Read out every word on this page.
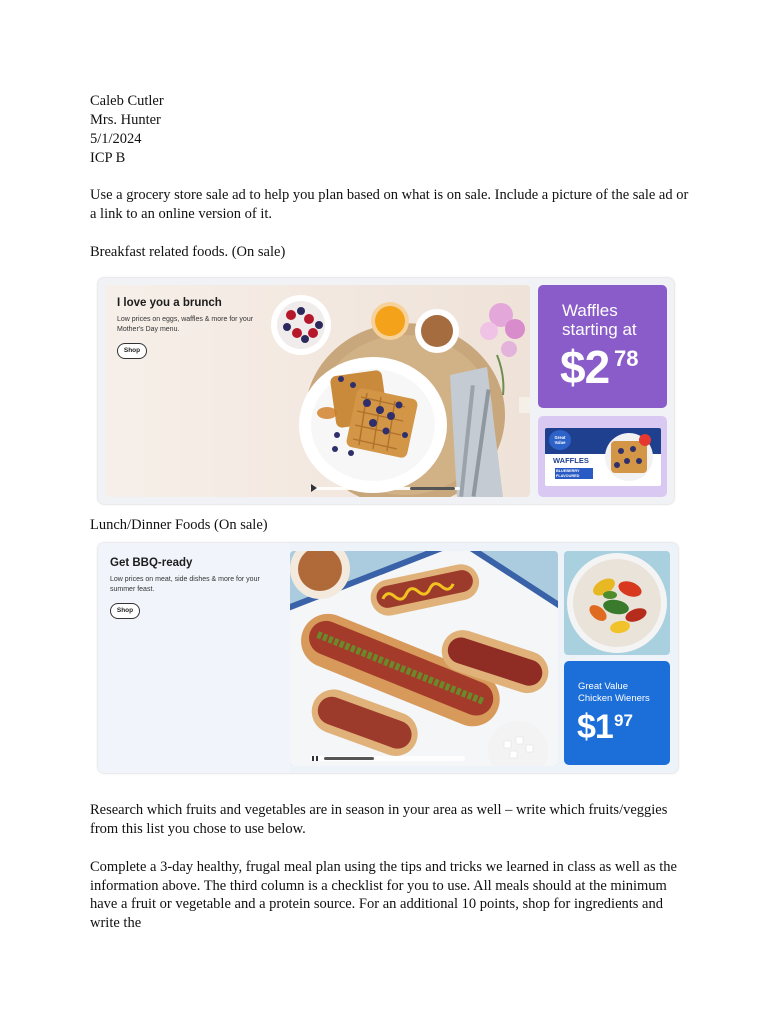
Caleb Cutler
Mrs. Hunter
5/1/2024
ICP B
Use a grocery store sale ad to help you plan based on what is on sale. Include a picture of the sale ad or a link to an online version of it.
Breakfast related foods. (On sale)
I love you a brunch
Low prices on eggs, waffles & more for your Mother's Day menu.
Shop
Waffles starting at
$2 78
Great Value
WAFFLES
BLUEBERRY FLAVOURED
Lunch/Dinner Foods (On sale)
Get BBQ-ready
Low prices on meat, side dishes & more for your summer feast.
Shop
Great Value
Chicken Wieners
$1 97
Research which fruits and vegetables are in season in your area as well – write which fruits/veggies from this list you chose to use below.
Complete a 3-day healthy, frugal meal plan using the tips and tricks we learned in class as well as the information above. The third column is a checklist for you to use. All meals should at the minimum have a fruit or vegetable and a protein source. For an additional 10 points, shop for ingredients and write the
